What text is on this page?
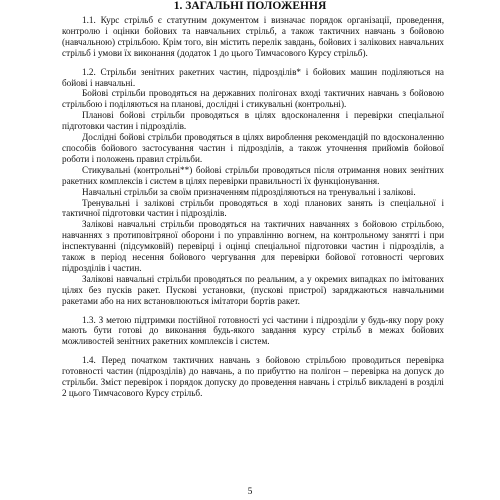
1. ЗАГАЛЬНІ ПОЛОЖЕННЯ

1.1. Курс стрільб є статутним документом і визначає порядок організації, проведення, контролю і оцінки бойових та навчальних стрільб, а також тактичних навчань з бойовою (навчальною) стрільбою. Крім того, він містить перелік завдань, бойових і залікових навчальних стрільб і умови їх виконання (додаток 1 до цього Тимчасового Курсу стрільб).

1.2. Стрільби зенітних ракетних частин, підрозділів* і бойових машин поділяються на бойові і навчальні.

Бойові стрільби проводяться на державних полігонах входi тактичних навчань з бойовою стрільбою і поділяються на планові, дослідні і стикувальні (контрольні).

Планові бойові стрільби проводяться в цілях вдосконалення і перевірки спеціальної підготовки частин і підрозділів.

Дослідні бойові стрільби проводяться в цілях вироблення рекомендацій по вдосконаленню способів бойового застосування частин і підрозділів, а також уточнення прийомів бойової роботи і положень правил стрільби.

Стикувальні (контрольні**) бойові стрільби проводяться після отримання нових зенітних ракетних комплексів і систем в цілях перевірки правильності їх функціонування.

Навчальні стрільби за своїм призначенням підрозділяються на тренувальні і залікові.

Тренувальні і залікові стрільби проводяться в ході планових занять із спеціальної і тактичної підготовки частин і підрозділів.

Залікові навчальні стрільби проводяться на тактичних навчаннях з бойовою стрільбою, навчаннях з протиповітряної оборони і по управлінню вогнем, на контрольному занятті і при інспектуванні (підсумковій) перевірці і оцінці спеціальної підготовки частин і підрозділів, а також в період несення бойового чергування для перевірки бойової готовності чергових підрозділів і частин.

Залікові навчальні стрільби проводяться по реальним, а у окремих випадках по імітованих цілях без пусків ракет. Пускові установки, (пускові пристрої) заряджаються навчальними ракетами або на них встановлюються імітатори бортів ракет.

1.3. З метою підтримки постійної готовності усі частини і підрозділи у будь-яку пору року мають бути готові до виконання будь-якого завдання курсу стрільб в межах бойових можливостей зенітних ракетних комплексів і систем.

1.4. Перед початком тактичних навчань з бойовою стрільбою проводиться перевірка готовності частин (підрозділів) до навчань, а по прибуттю на полігон – перевірка на допуск до стрільби. Зміст перевірок і порядок допуску до проведення навчань і стрільб викладені в розділі 2 цього Тимчасового Курсу стрільб.

5
